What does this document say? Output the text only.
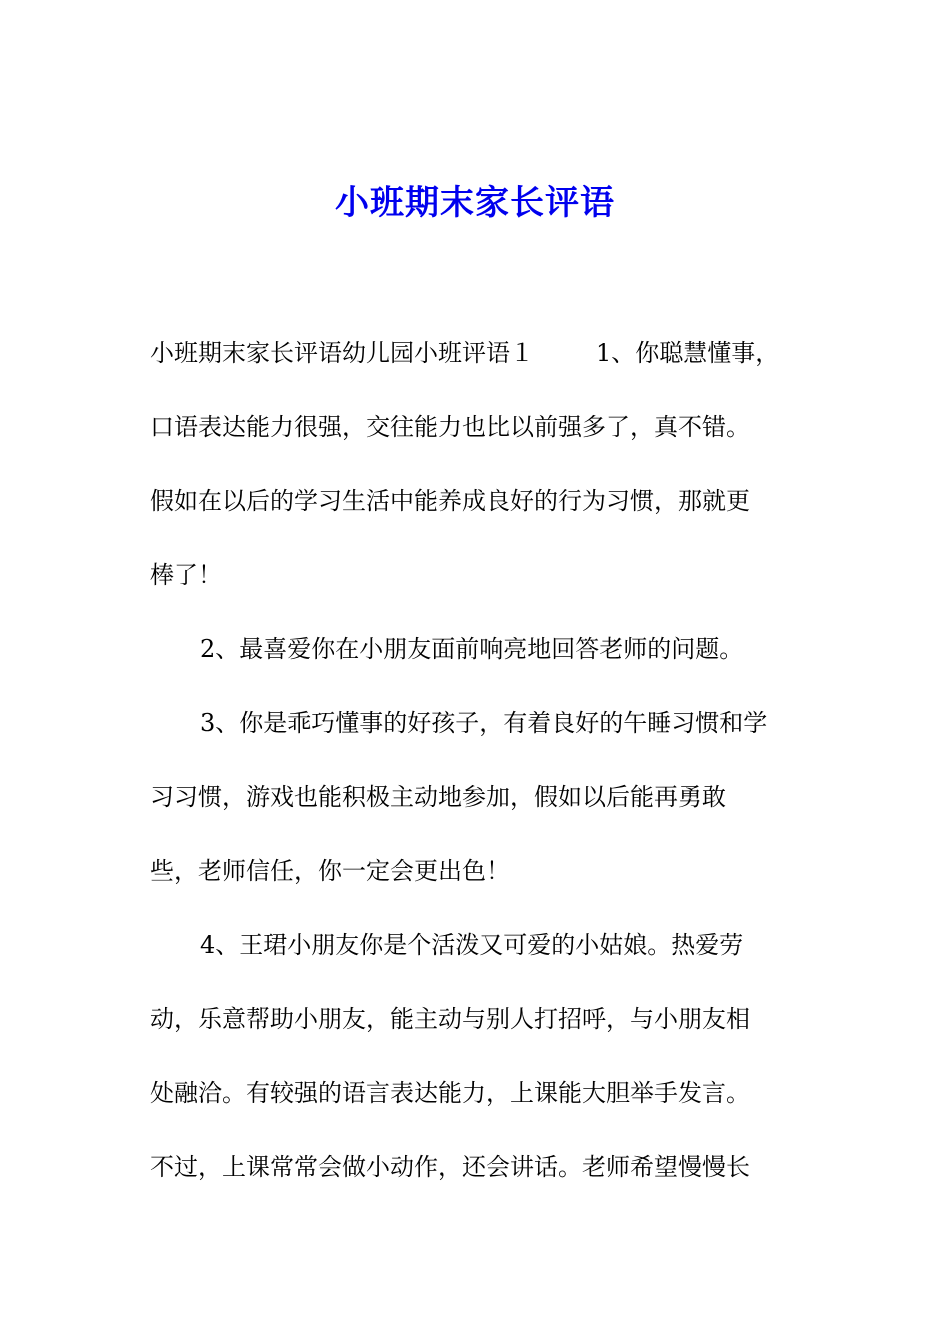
小班期末家长评语
小班期末家长评语幼儿园小班评语１	1、你聪慧懂事，
口语表达能力很强，交往能力也比以前强多了，真不错。
假如在以后的学习生活中能养成良好的行为习惯，那就更
棒了！
2、最喜爱你在小朋友面前响亮地回答老师的问题。
3、你是乖巧懂事的好孩子，有着良好的午睡习惯和学
习习惯，游戏也能积极主动地参加，假如以后能再勇敢
些，老师信任，你一定会更出色！
4、王珺小朋友你是个活泼又可爱的小姑娘。热爱劳
动，乐意帮助小朋友，能主动与别人打招呼，与小朋友相
处融洽。有较强的语言表达能力，上课能大胆举手发言。
不过，上课常常会做小动作，还会讲话。老师希望慢慢长
